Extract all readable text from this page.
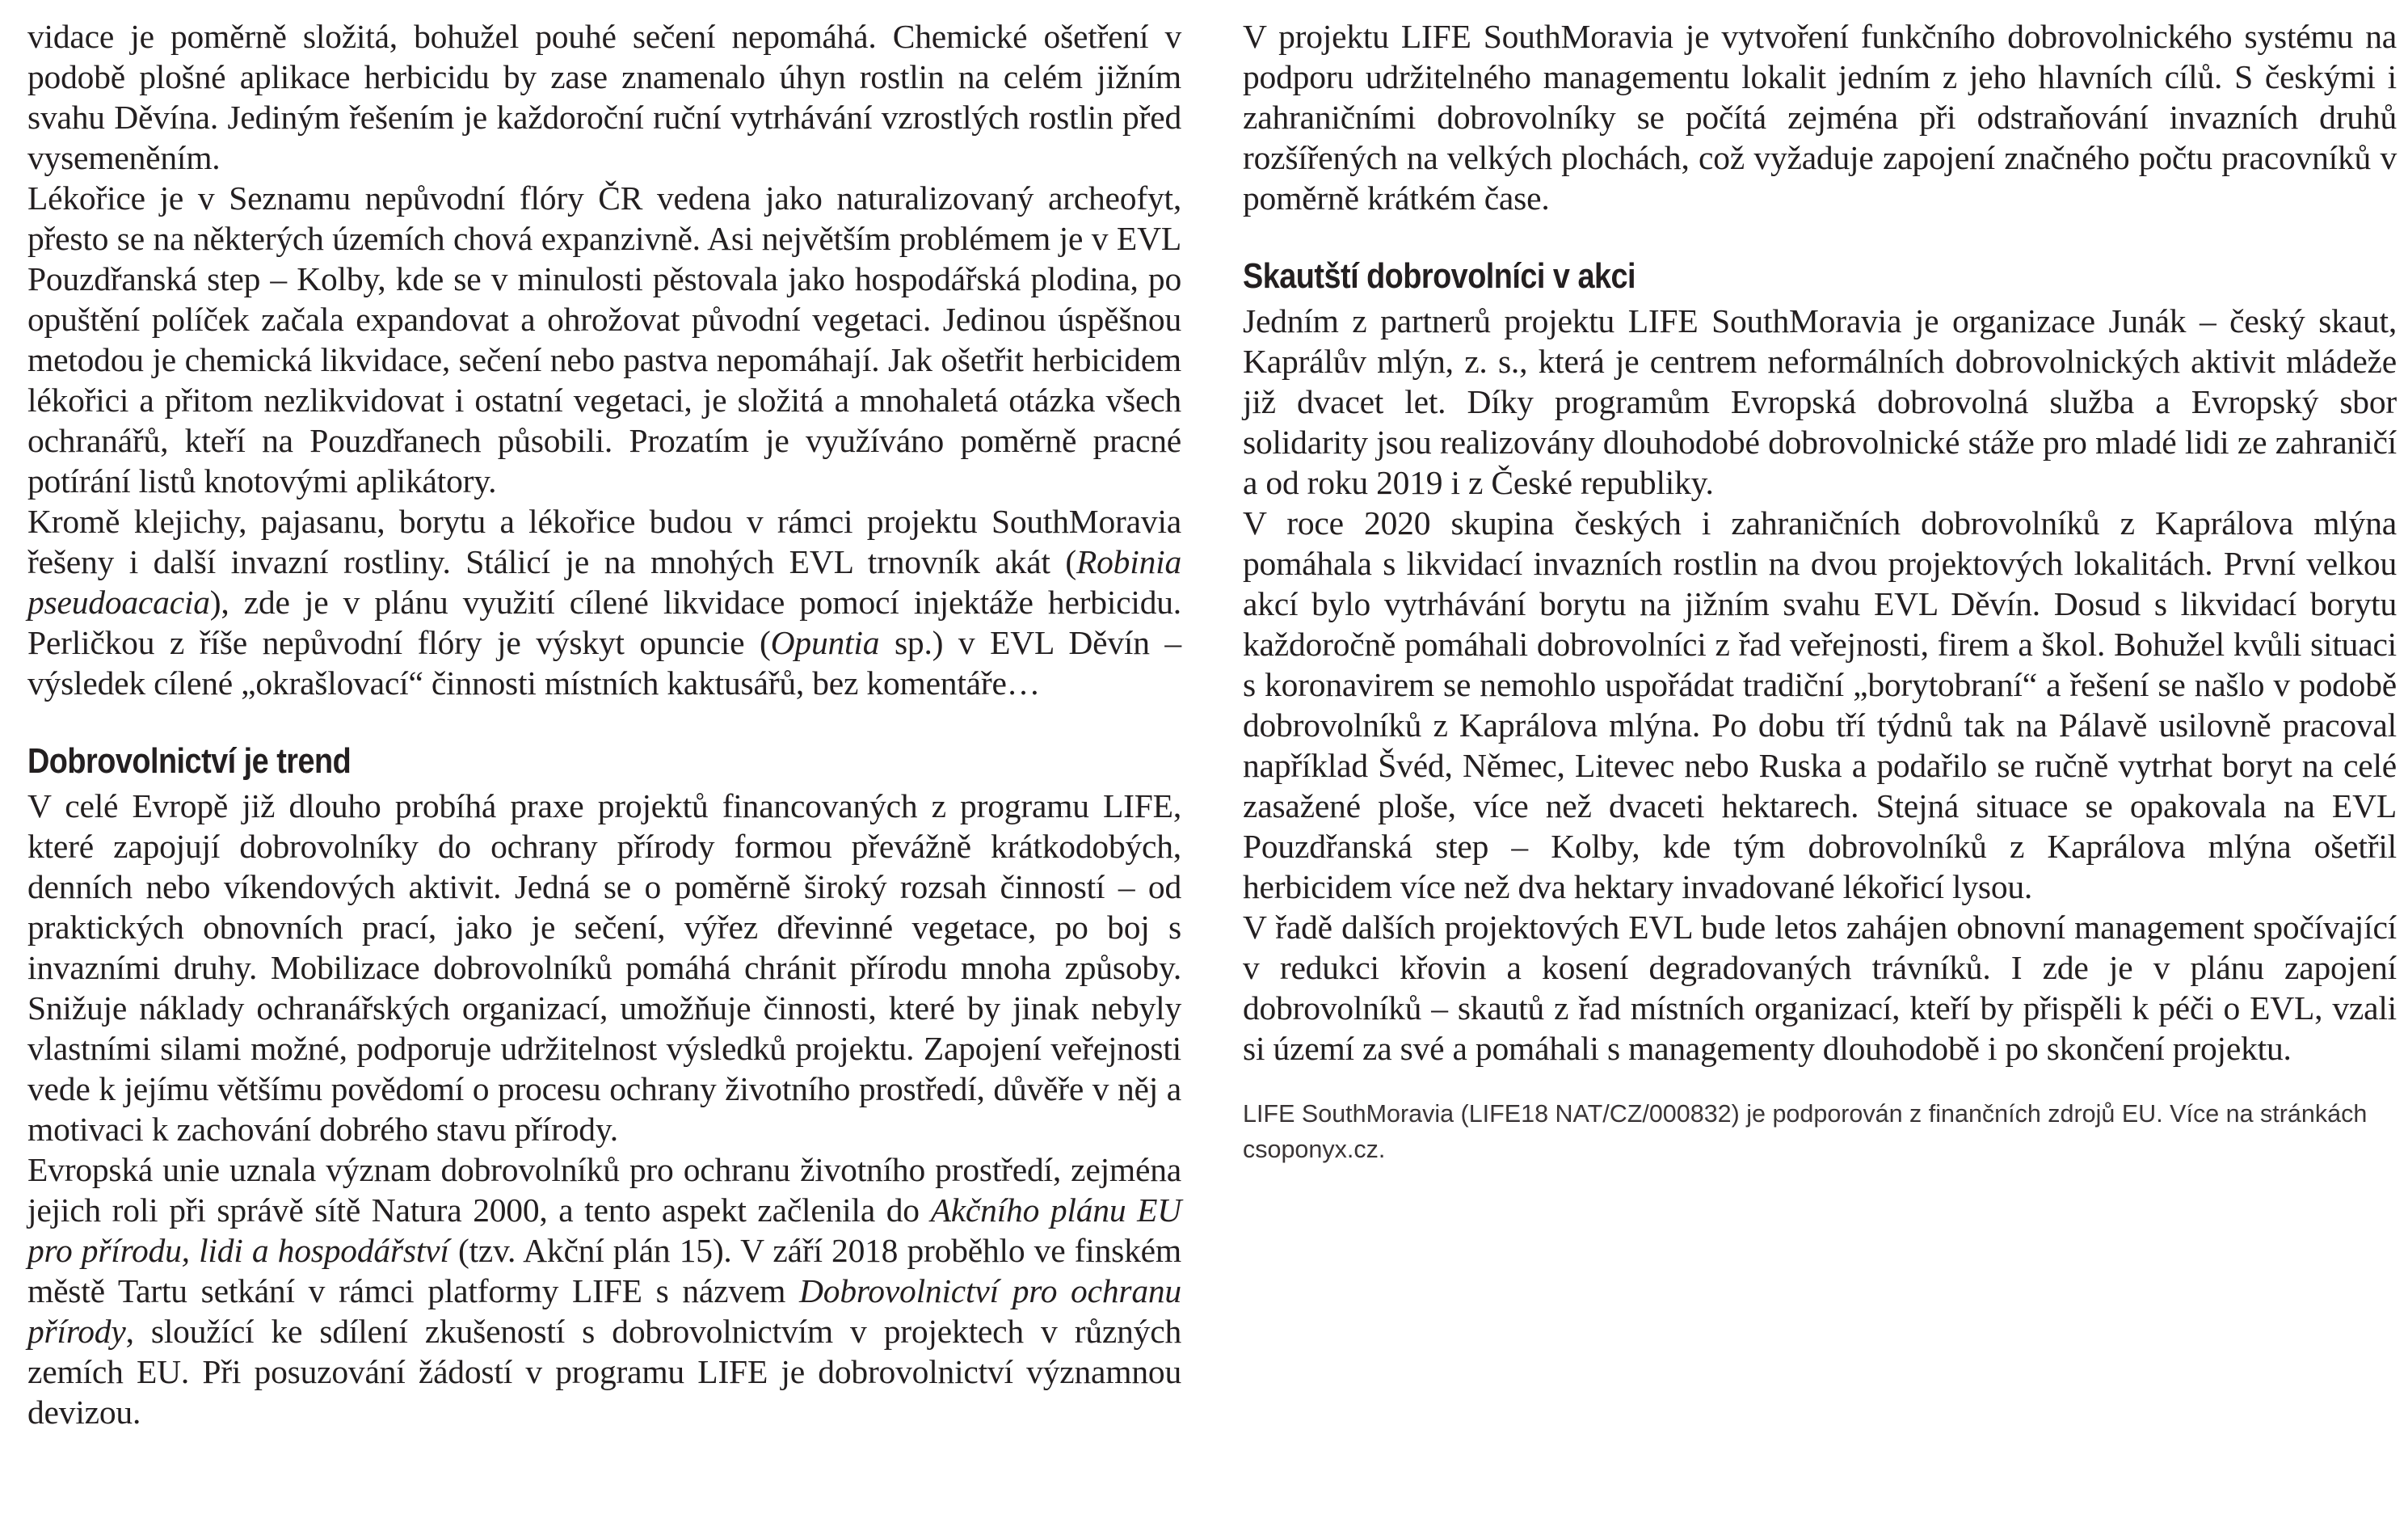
vidace je poměrně složitá, bohužel pouhé sečení nepomáhá. Chemické ošetření v podobě plošné aplikace herbicidu by zase znamenalo úhyn rostlin na celém jižním svahu Děvína. Jediným řešením je každoroční ruční vytrhávání vzrostlých rostlin před vysemeněním.

Lékořice je v Seznamu nepůvodní flóry ČR vedena jako naturalizovaný archeofyt, přesto se na některých územích chová expanzivně. Asi největším problémem je v EVL Pouzdřanská step – Kolby, kde se v minulosti pěstovala jako hospodářská plodina, po opuštění políček začala expandovat a ohrožovat původní vegetaci. Jedinou úspěšnou metodou je chemická likvidace, sečení nebo pastva nepomáhají. Jak ošetřit herbicidem lékořici a přitom nezlikvidovat i ostatní vegetaci, je složitá a mnohaletá otázka všech ochranářů, kteří na Pouzdřanech působili. Prozatím je využíváno poměrně pracné potírání listů knotovými aplikátory.

Kromě klejichy, pajasanu, borytu a lékořice budou v rámci projektu SouthMoravia řešeny i další invazní rostliny. Stálicí je na mnohých EVL trnovník akát (Robinia pseudoacacia), zde je v plánu využití cílené likvidace pomocí injektáže herbicidu. Perličkou z říše nepůvodní flóry je výskyt opuncie (Opuntia sp.) v EVL Děvín – výsledek cílené „okrašlovací“ činnosti místních kaktusářů, bez komentáře…

Dobrovolnictví je trend

V celé Evropě již dlouho probíhá praxe projektů financovaných z programu LIFE, které zapojují dobrovolníky do ochrany přírody formou převážně krátkodobých, denních nebo víkendových aktivit. Jedná se o poměrně široký rozsah činností – od praktických obnovních prací, jako je sečení, výřez dřevinné vegetace, po boj s invazními druhy. Mobilizace dobrovolníků pomáhá chránit přírodu mnoha způsoby. Snižuje náklady ochranářských organizací, umožňuje činnosti, které by jinak nebyly vlastními silami možné, podporuje udržitelnost výsledků projektu. Zapojení veřejnosti vede k jejímu většímu povědomí o procesu ochrany životního prostředí, důvěře v něj a motivaci k zachování dobrého stavu přírody.

Evropská unie uznala význam dobrovolníků pro ochranu životního prostředí, zejména jejich roli při správě sítě Natura 2000, a tento aspekt začlenila do Akčního plánu EU pro přírodu, lidi a hospodářství (tzv. Akční plán 15). V září 2018 proběhlo ve finském městě Tartu setkání v rámci platformy LIFE s názvem Dobrovolnictví pro ochranu přírody, sloužící ke sdílení zkušeností s dobrovolnictvím v projektech v různých zemích EU. Při posuzování žádostí v programu LIFE je dobrovolnictví významnou devizou.

V projektu LIFE SouthMoravia je vytvoření funkčního dobrovolnického systému na podporu udržitelného managementu lokalit jedním z jeho hlavních cílů. S českými i zahraničními dobrovolníky se počítá zejména při odstraňování invazních druhů rozšířených na velkých plochách, což vyžaduje zapojení značného počtu pracovníků v poměrně krátkém čase.

Skautští dobrovolníci v akci

Jedním z partnerů projektu LIFE SouthMoravia je organizace Junák – český skaut, Kaprálův mlýn, z. s., která je centrem neformálních dobrovolnických aktivit mládeže již dvacet let. Díky programům Evropská dobrovolná služba a Evropský sbor solidarity jsou realizovány dlouhodobé dobrovolnické stáže pro mladé lidi ze zahraničí a od roku 2019 i z České republiky.

V roce 2020 skupina českých i zahraničních dobrovolníků z Kaprálova mlýna pomáhala s likvidací invazních rostlin na dvou projektových lokalitách. První velkou akcí bylo vytrhávání borytu na jižním svahu EVL Děvín. Dosud s likvidací borytu každoročně pomáhali dobrovolníci z řad veřejnosti, firem a škol. Bohužel kvůli situaci s koronavirem se nemohlo uspořádat tradiční „borytobraní“ a řešení se našlo v podobě dobrovolníků z Kaprálova mlýna. Po dobu tří týdnů tak na Pálavě usilovně pracoval například Švéd, Němec, Litevec nebo Ruska a podařilo se ručně vytrhat boryt na celé zasažené ploše, více než dvaceti hektarech. Stejná situace se opakovala na EVL Pouzdřanská step – Kolby, kde tým dobrovolníků z Kaprálova mlýna ošetřil herbicidem více než dva hektary invadované lékořicí lysou.

V řadě dalších projektových EVL bude letos zahájen obnovní management spočívající v redukci křovin a kosení degradovaných trávníků. I zde je v plánu zapojení dobrovolníků – skautů z řad místních organizací, kteří by přispěli k péči o EVL, vzali si území za své a pomáhali s managementy dlouhodobě i po skončení projektu.

LIFE SouthMoravia (LIFE18 NAT/CZ/000832) je podporován z finančních zdrojů EU. Více na stránkách csoponyx.cz.
